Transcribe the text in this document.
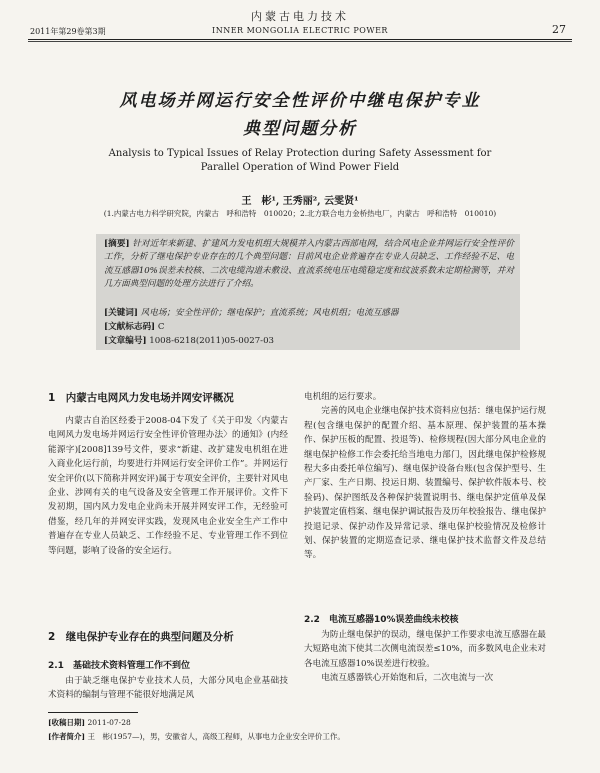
内蒙古电力技术
2011年第29卷第3期	INNER MONGOLIA ELECTRIC POWER	27
风电场并网运行安全性评价中继电保护专业
典型问题分析
Analysis to Typical Issues of Relay Protection during Safety Assessment for
Parallel Operation of Wind Power Field
王　彬¹, 王秀丽², 云雯贤¹
(1.内蒙古电力科学研究院，内蒙古　呼和浩特　010020；2.北方联合电力金桥热电厂，内蒙古　呼和浩特　010010)
[摘要] 针对近年来新建、扩建风力发电机组大规模并入内蒙古西部电网，结合风电企业并网运行安全性评价工作，分析了继电保护专业存在的几个典型问题：目前风电企业普遍存在专业人员缺乏、工作经验不足、电流互感器10%误差未校核、二次电缆沟道未敷设、直流系统电压电缆稳定度和纹波系数未定期检测等，并对几方面典型问题的处理方法进行了介绍。
[关键词] 风电场；安全性评价；继电保护；直流系统；风电机组；电流互感器
[文献标志码] C
[文章编号] 1008-6218(2011)05-0027-03
1　内蒙古电网风力发电场并网安评概况

内蒙古自治区经委于2008-04下发了《关于印发〈内蒙古电网风力发电场并网运行安全性评价管理办法〉的通知》(内经能源字)[2008]139号文件，要求“新建、改扩建发电机组在进入商业化运行前，均要进行并网运行安全评价工作”。并网运行安全评价(以下简称并网安评)属于专项安全评价，主要针对风电企业、涉网有关的电气设备及安全管理工作开展评价。文件下发初期，国内风力发电企业尚未开展并网安评工作，无经验可借鉴，经几年的并网安评实践，发现风电企业安全生产工作中普遍存在专业人员缺乏、工作经验不足、专业管理工作不到位等问题，影响了设备的安全运行。

2　继电保护专业存在的典型问题及分析
2.1　基础技术资料管理工作不到位

由于缺乏继电保护专业技术人员，大部分风电企业基础技术资料的编制与管理不能很好地满足风

电机组的运行要求。

完善的风电企业继电保护技术资料应包括：继电保护运行规程(包含继电保护的配置介绍、基本原理、保护装置的基本操作、保护压板的配置、投退等)、检修规程(因大部分风电企业的继电保护检修工作会委托给当地电力部门，因此继电保护检修规程大多由委托单位编写)、继电保护设备台账(包含保护型号、生产厂家、生产日期、投运日期、装置编号、保护软件版本号、校验码)、保护图纸及各种保护装置说明书、继电保护定值单及保护装置定值档案、继电保护调试报告及历年校验报告、继电保护投退记录、保护动作及异常记录、继电保护校验情况及检修计划、保护装置的定期巡查记录、继电保护技术监督文件及总结等。

2.2　电流互感器10%误差曲线未校核

为防止继电保护的误动，继电保护工作要求电流互感器在最大短路电流下使其二次侧电流误差≤10%，而多数风电企业未对各电流互感器10%误差进行校验。

电流互感器铁心开始饱和后，二次电流与一次

[收稿日期] 2011-07-28
[作者简介] 王　彬(1957—)，男，安徽省人，高级工程师，从事电力企业安全评价工作。
